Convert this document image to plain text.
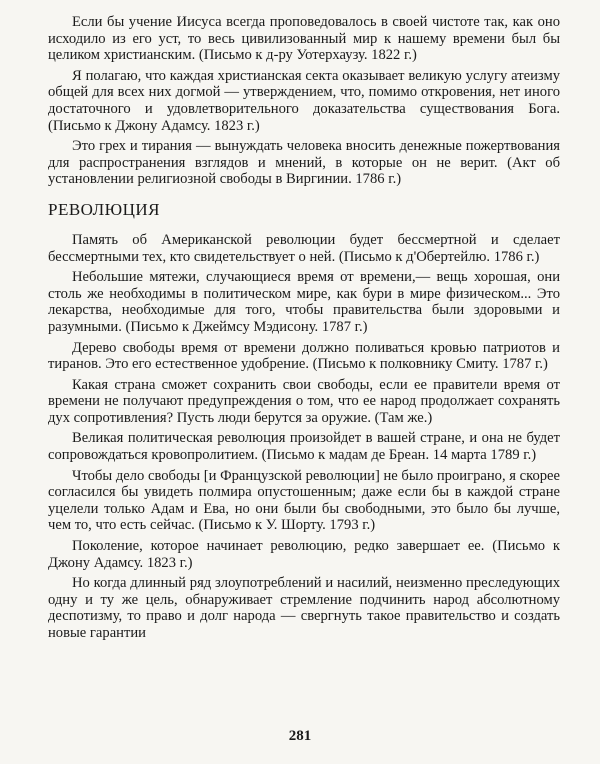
Если бы учение Иисуса всегда проповедовалось в своей чистоте так, как оно исходило из его уст, то весь цивилизованный мир к нашему времени был бы целиком христианским. (Письмо к д-ру Уотерхаузу. 1822 г.)

Я полагаю, что каждая христианская секта оказывает великую услугу атеизму общей для всех них догмой — утверждением, что, помимо откровения, нет иного достаточного и удовлетворительного доказательства существования Бога. (Письмо к Джону Адамсу. 1823 г.)

Это грех и тирания — вынуждать человека вносить денежные пожертвования для распространения взглядов и мнений, в которые он не верит. (Акт об установлении религиозной свободы в Виргинии. 1786 г.)

РЕВОЛЮЦИЯ

Память об Американской революции будет бессмертной и сделает бессмертными тех, кто свидетельствует о ней. (Письмо к д'Обертейлю. 1786 г.)

Небольшие мятежи, случающиеся время от времени,— вещь хорошая, они столь же необходимы в политическом мире, как бури в мире физическом... Это лекарства, необходимые для того, чтобы правительства были здоровыми и разумными. (Письмо к Джеймсу Мэдисону. 1787 г.)

Дерево свободы время от времени должно поливаться кровью патриотов и тиранов. Это его естественное удобрение. (Письмо к полковнику Смиту. 1787 г.)

Какая страна сможет сохранить свои свободы, если ее правители время от времени не получают предупреждения о том, что ее народ продолжает сохранять дух сопротивления? Пусть люди берутся за оружие. (Там же.)

Великая политическая революция произойдет в вашей стране, и она не будет сопровождаться кровопролитием. (Письмо к мадам де Бреан. 14 марта 1789 г.)

Чтобы дело свободы [и Французской революции] не было проиграно, я скорее согласился бы увидеть полмира опустошенным; даже если бы в каждой стране уцелели только Адам и Ева, но они были бы свободными, это было бы лучше, чем то, что есть сейчас. (Письмо к У. Шорту. 1793 г.)

Поколение, которое начинает революцию, редко завершает ее. (Письмо к Джону Адамсу. 1823 г.)

Но когда длинный ряд злоупотреблений и насилий, неизменно преследующих одну и ту же цель, обнаруживает стремление подчинить народ абсолютному деспотизму, то право и долг народа — свергнуть такое правительство и создать новые гарантии

281
